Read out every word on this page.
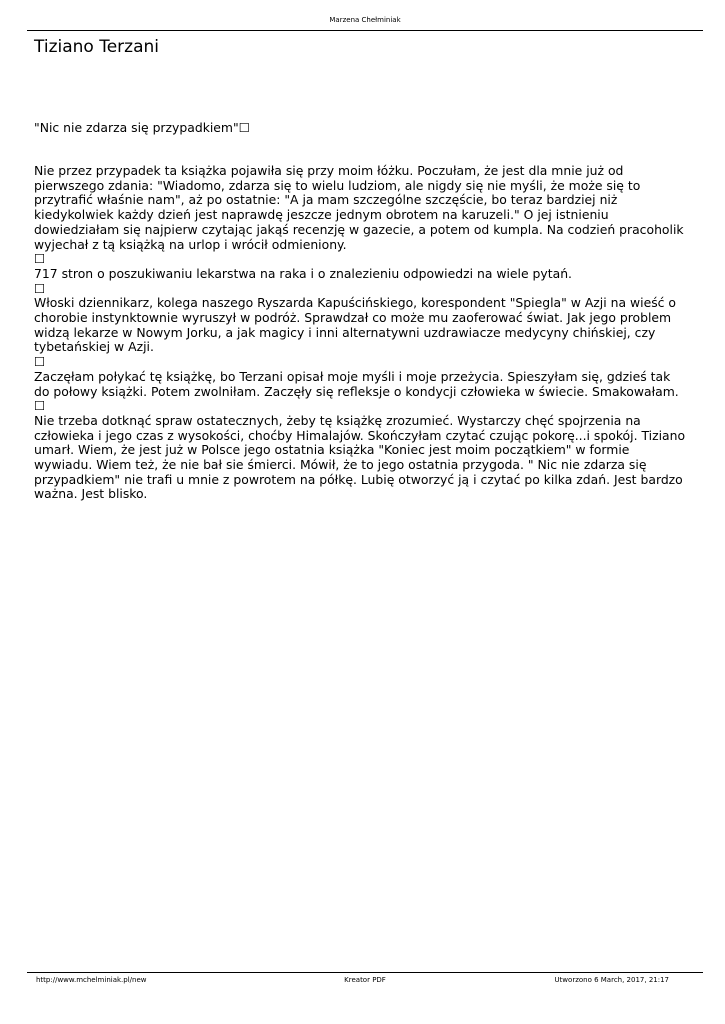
Marzena Chełminiak
Tiziano Terzani

"Nic nie zdarza się przypadkiem"☐

Nie przez przypadek ta książka pojawiła się przy moim łóżku. Poczułam, że jest dla mnie już od

pierwszego zdania: "Wiadomo, zdarza się to wielu ludziom, ale nigdy się nie myśli, że może się to

przytrafić właśnie nam", aż po ostatnie: "A ja mam szczególne szczęście, bo teraz bardziej niż

kiedykolwiek każdy dzień jest naprawdę jeszcze jednym obrotem na karuzeli." O jej istnieniu

dowiedziałam się najpierw czytając jakąś recenzję w gazecie, a potem od kumpla. Na codzień pracoholik

wyjechał z tą książką na urlop i wrócił odmieniony.

☐

717 stron o poszukiwaniu lekarstwa na raka i o znalezieniu odpowiedzi na wiele pytań.

☐

Włoski dziennikarz, kolega naszego Ryszarda Kapuścińskiego, korespondent "Spiegla" w Azji na wieść o

chorobie instynktownie wyruszył w podróż. Sprawdzał co może mu zaoferować świat. Jak jego problem

widzą lekarze w Nowym Jorku, a jak magicy i inni alternatywni uzdrawiacze medycyny chińskiej, czy

tybetańskiej w Azji.

☐

Zaczęłam połykać tę książkę, bo Terzani opisał moje myśli i moje przeżycia. Spieszyłam się, gdzieś tak

do połowy książki. Potem zwolniłam. Zaczęły się refleksje o kondycji człowieka w świecie. Smakowałam.

☐

Nie trzeba dotknąć spraw ostatecznych, żeby tę książkę zrozumieć. Wystarczy chęć spojrzenia na

człowieka i jego czas z wysokości, choćby Himalajów. Skończyłam czytać czując pokorę...i spokój. Tiziano

umarł. Wiem, że jest już w Polsce jego ostatnia książka "Koniec jest moim początkiem" w formie

wywiadu. Wiem też, że nie bał sie śmierci. Mówił, że to jego ostatnia przygoda. " Nic nie zdarza się

przypadkiem" nie trafi u mnie z powrotem na półkę. Lubię otworzyć ją i czytać po kilka zdań. Jest bardzo

ważna. Jest blisko.

Kreator PDF
http://www.mchelminiak.pl/new	Utworzono 6 March, 2017, 21:17
